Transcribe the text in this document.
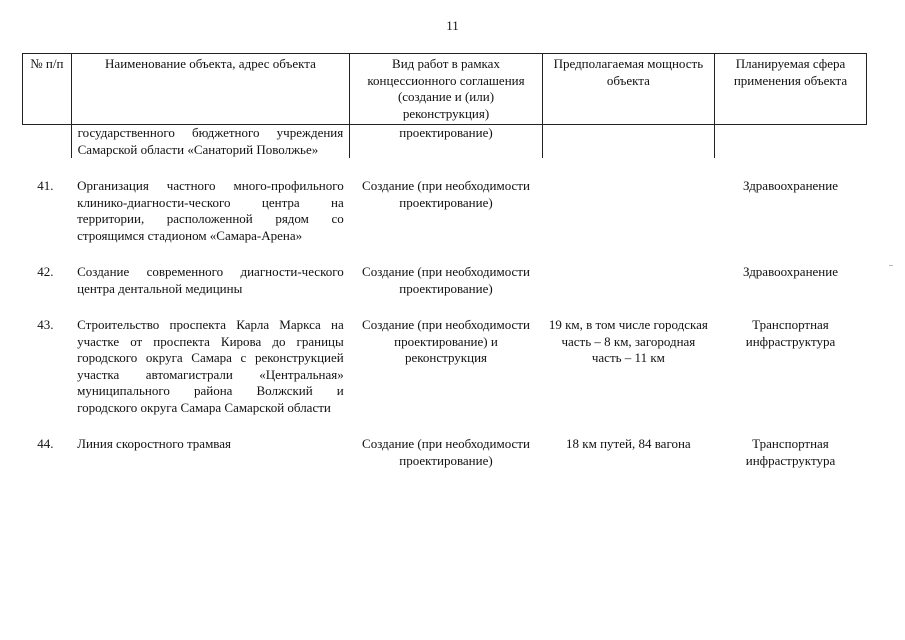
11
№ п/п	Наименование объекта, адрес объекта	Вид работ в рамках концессионного соглашения (создание и (или) реконструкция)	Предполагаемая мощность объекта	Планируемая сфера применения объекта
	государственного бюджетного учреждения Самарской области «Санаторий Поволжье»	проектирование)		

41.	Организация частного много-профильного клинико-диагности-ческого центра на территории, расположенной рядом со строящимся стадионом «Самара-Арена»	Создание (при необходимости проектирование)		Здравоохранение

42.	Создание современного диагности-ческого центра дентальной медицины	Создание (при необходимости проектирование)		Здравоохранение

43.	Строительство проспекта Карла Маркса на участке от проспекта Кирова до границы городского округа Самара с реконструкцией участка автомагистрали «Центральная» муниципального района Волжский и городского округа Самара Самарской области	Создание (при необходимости проектирование) и реконструкция	19 км, в том числе городская часть – 8 км, загородная часть – 11 км	Транспортная инфраструктура

44.	Линия скоростного трамвая	Создание (при необходимости проектирование)	18 км путей, 84 вагона	Транспортная инфраструктура
